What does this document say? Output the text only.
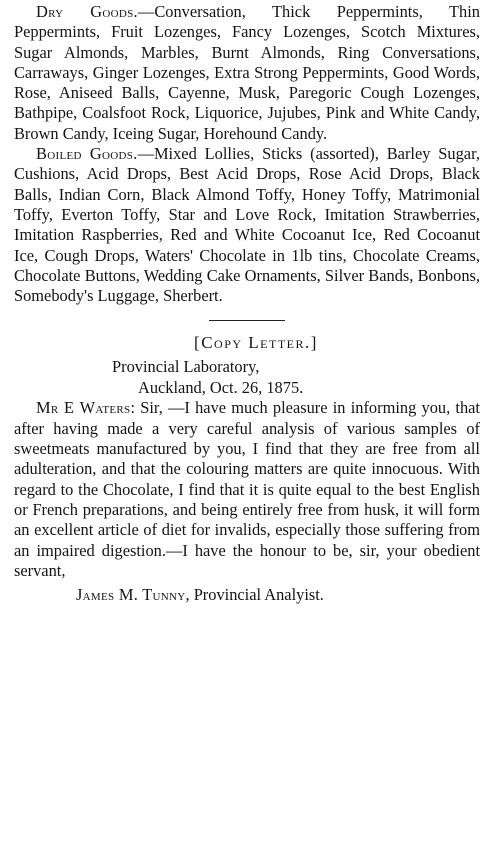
Dry Goods.—Conversation, Thick Peppermints, Thin Peppermints, Fruit Lozenges, Fancy Lozenges, Scotch Mixtures, Sugar Almonds, Marbles, Burnt Almonds, Ring Conversations, Carraways, Ginger Lozenges, Extra Strong Peppermints, Good Words, Rose, Aniseed Balls, Cayenne, Musk, Paregoric Cough Lozenges, Bathpipe, Coalsfoot Rock, Liquorice, Jujubes, Pink and White Candy, Brown Candy, Iceing Sugar, Horehound Candy.

Boiled Goods.—Mixed Lollies, Sticks (assorted), Barley Sugar, Cushions, Acid Drops, Best Acid Drops, Rose Acid Drops, Black Balls, Indian Corn, Black Almond Toffy, Honey Toffy, Matrimonial Toffy, Everton Toffy, Star and Love Rock, Imitation Strawberries, Imitation Raspberries, Red and White Cocoanut Ice, Red Cocoanut Ice, Cough Drops, Waters' Chocolate in 1lb tins, Chocolate Creams, Chocolate Buttons, Wedding Cake Ornaments, Silver Bands, Bonbons, Somebody's Luggage, Sherbert.

[Copy Letter.]

Provincial Laboratory,

Auckland, Oct. 26, 1875.

Mr E Waters: Sir, —I have much pleasure in informing you, that after having made a very careful analysis of various samples of sweetmeats manufactured by you, I find that they are free from all adulteration, and that the colouring matters are quite innocuous. With regard to the Chocolate, I find that it is quite equal to the best English or French preparations, and being entirely free from husk, it will form an excellent article of diet for invalids, especially those suffering from an impaired digestion.—I have the honour to be, sir, your obedient servant,

James M. Tunny, Provincial Analyist.
